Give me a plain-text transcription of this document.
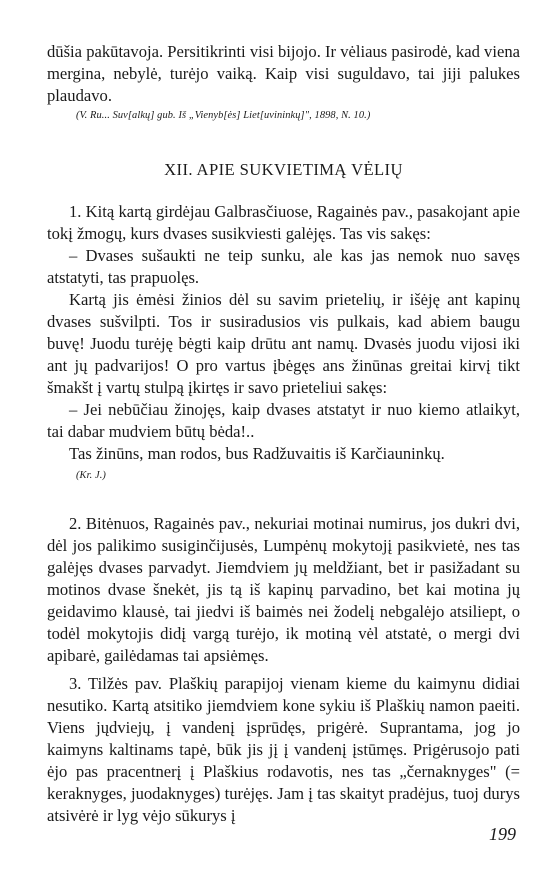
dūšia pakūtavoja. Persitikrinti visi bijojo. Ir vėliaus pasirodė, kad viena mergina, nebylė, turėjo vaiką. Kaip visi suguldavo, tai jiji palukes plaudavo.

(V. Ru... Suv[alkų] gub. Iš „Vienyb[ės] Liet[uvininkų]", 1898, N. 10.)

XII. APIE SUKVIETIMĄ VĖLIŲ

1. Kitą kartą girdėjau Galbrasčiuose, Ragainės pav., pasakojant apie tokį žmogų, kurs dvases susikviesti galėjęs. Tas vis sakęs:

– Dvases sušaukti ne teip sunku, ale kas jas nemok nuo savęs atstatyti, tas prapuolęs.

Kartą jis ėmėsi žinios dėl su savim prietelių, ir išėję ant kapinų dvases sušvilpti. Tos ir susiradusios vis pulkais, kad abiem baugu buvę! Juodu turėję bėgti kaip drūtu ant namų. Dvasės juodu vijosi iki ant jų padvarijos! O pro vartus įbėgęs ans žinūnas greitai kirvį tikt šmakšt į vartų stulpą įkirtęs ir savo prieteliui sakęs:

– Jei nebūčiau žinojęs, kaip dvases atstatyt ir nuo kiemo atlaikyt, tai dabar mudviem būtų bėda!..

Tas žinūns, man rodos, bus Radžuvaitis iš Karčiauninkų.

(Kr. J.)

2. Bitėnuos, Ragainės pav., nekuriai motinai numirus, jos dukri dvi, dėl jos palikimo susiginčijusės, Lumpėnų mokytojį pasikvietė, nes tas galėjęs dvases parvadyt. Jiemdviem jų meldžiant, bet ir pasižadant su motinos dvase šnekėt, jis tą iš kapinų parvadino, bet kai motina jų geidavimo klausė, tai jiedvi iš baimės nei žodelį nebgalėjo atsiliept, o todėl mokytojis didį vargą turėjo, ik motiną vėl atstatė, o mergi dvi apibarė, gailėdamas tai apsiėmęs.

3. Tilžės pav. Plaškių parapijoj vienam kieme du kaimynu didiai nesutiko. Kartą atsitiko jiemdviem kone sykiu iš Plaškių namon paeiti. Viens jųdviejų, į vandenį įsprūdęs, prigėrė. Suprantama, jog jo kaimyns kaltinams tapė, būk jis jį į vandenį įstūmęs. Prigėrusojo pati ėjo pas pracentnerį į Plaškius rodavotis, nes tas „černaknyges" (= keraknyges, juodaknyges) turėjęs. Jam į tas skaityt pradėjus, tuoj durys atsivėrė ir lyg vėjo sūkurys į

199
